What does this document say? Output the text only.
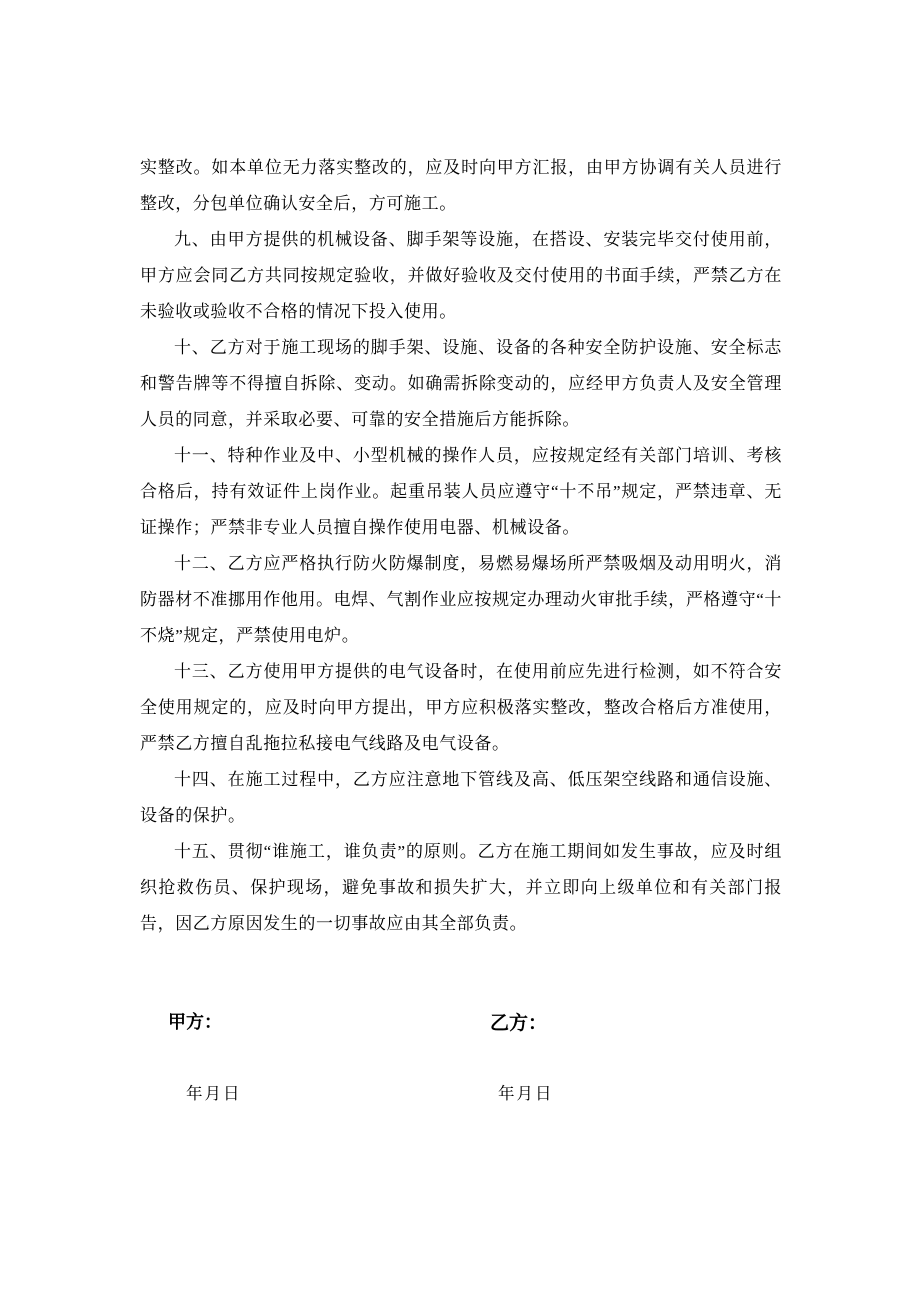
实整改。如本单位无力落实整改的，应及时向甲方汇报，由甲方协调有关人员进行整改，分包单位确认安全后，方可施工。

九、由甲方提供的机械设备、脚手架等设施，在搭设、安装完毕交付使用前，甲方应会同乙方共同按规定验收，并做好验收及交付使用的书面手续，严禁乙方在未验收或验收不合格的情况下投入使用。

十、乙方对于施工现场的脚手架、设施、设备的各种安全防护设施、安全标志和警告牌等不得擅自拆除、变动。如确需拆除变动的，应经甲方负责人及安全管理人员的同意，并采取必要、可靠的安全措施后方能拆除。

十一、特种作业及中、小型机械的操作人员，应按规定经有关部门培训、考核合格后，持有效证件上岗作业。起重吊装人员应遵守“十不吊”规定，严禁违章、无证操作；严禁非专业人员擅自操作使用电器、机械设备。

十二、乙方应严格执行防火防爆制度，易燃易爆场所严禁吸烟及动用明火，消防器材不准挪用作他用。电焊、气割作业应按规定办理动火审批手续，严格遵守“十不烧”规定，严禁使用电炉。

十三、乙方使用甲方提供的电气设备时，在使用前应先进行检测，如不符合安全使用规定的，应及时向甲方提出，甲方应积极落实整改，整改合格后方准使用，严禁乙方擅自乱拖拉私接电气线路及电气设备。

十四、在施工过程中，乙方应注意地下管线及高、低压架空线路和通信设施、设备的保护。

十五、贯彻“谁施工，谁负责”的原则。乙方在施工期间如发生事故，应及时组织抢救伤员、保护现场，避免事故和损失扩大，并立即向上级单位和有关部门报告，因乙方原因发生的一切事故应由其全部负责。

甲方：	乙方：
年月日	年月日
